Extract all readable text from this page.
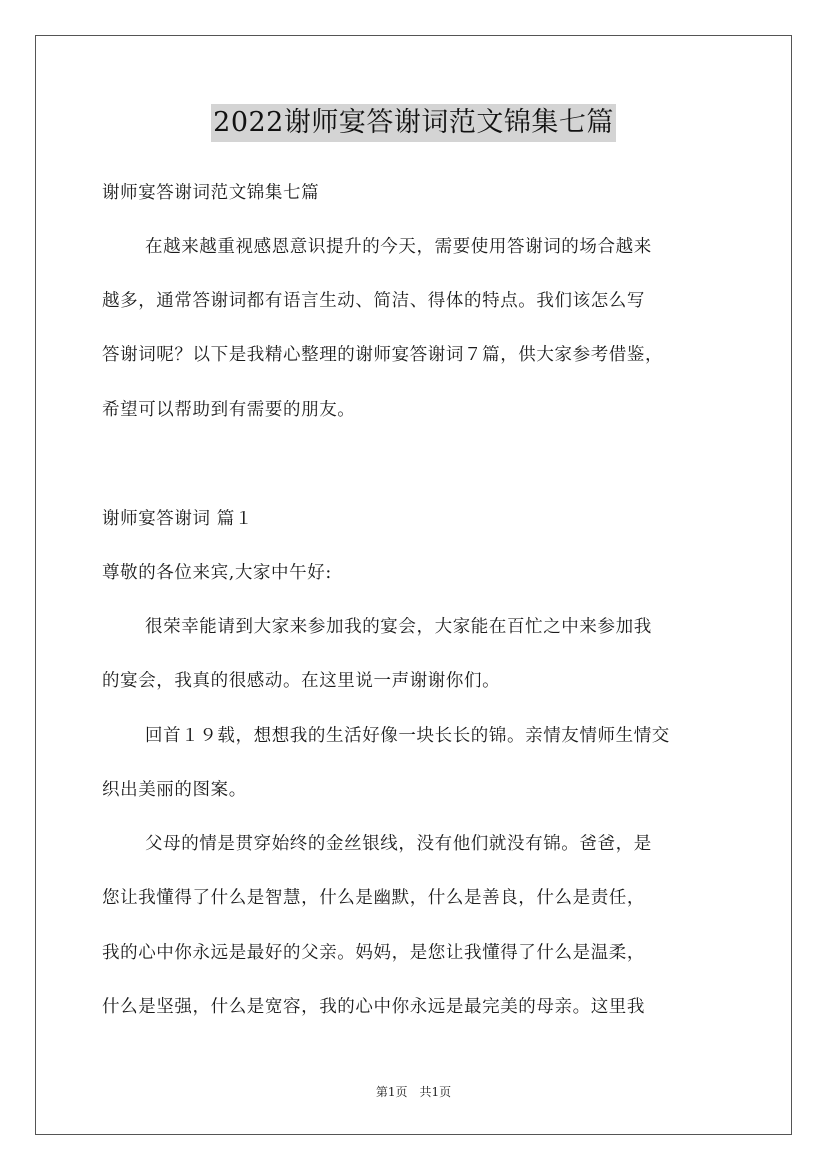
2022谢师宴答谢词范文锦集七篇
谢师宴答谢词范文锦集七篇
在越来越重视感恩意识提升的今天，需要使用答谢词的场合越来
越多，通常答谢词都有语言生动、简洁、得体的特点。我们该怎么写
答谢词呢？以下是我精心整理的谢师宴答谢词７篇，供大家参考借鉴，
希望可以帮助到有需要的朋友。
谢师宴答谢词 篇１
尊敬的各位来宾,大家中午好:
很荣幸能请到大家来参加我的宴会，大家能在百忙之中来参加我
的宴会，我真的很感动。在这里说一声谢谢你们。
回首１９载，想想我的生活好像一块长长的锦。亲情友情师生情交
织出美丽的图案。
父母的情是贯穿始终的金丝银线，没有他们就没有锦。爸爸，是
您让我懂得了什么是智慧，什么是幽默，什么是善良，什么是责任，
我的心中你永远是最好的父亲。妈妈，是您让我懂得了什么是温柔，
什么是坚强，什么是宽容，我的心中你永远是最完美的母亲。这里我
第1页　共1页
